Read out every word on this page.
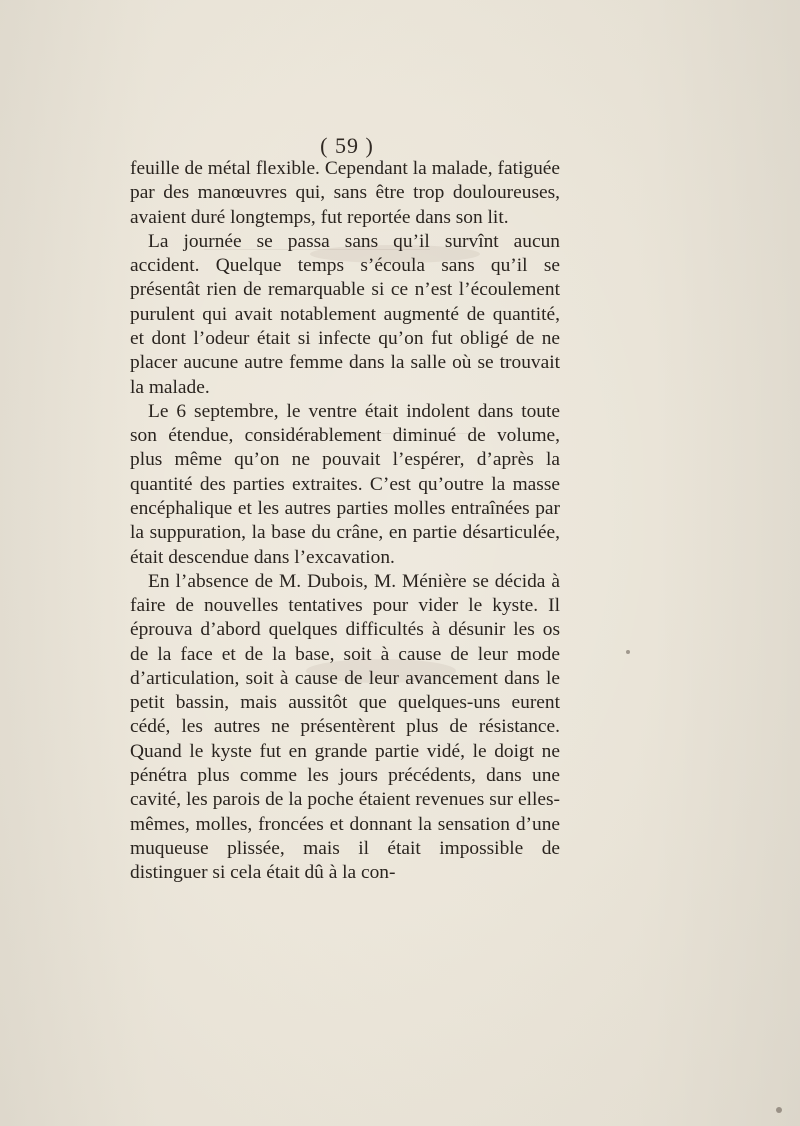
( 59 )

feuille de métal flexible. Cependant la malade, fatiguée par des manœuvres qui, sans être trop douloureuses, avaient duré longtemps, fut reportée dans son lit.

La journée se passa sans qu’il survînt aucun accident. Quelque temps s’écoula sans qu’il se présentât rien de remarquable si ce n’est l’écoulement purulent qui avait notablement augmenté de quantité, et dont l’odeur était si infecte qu’on fut obligé de ne placer aucune autre femme dans la salle où se trouvait la malade.

Le 6 septembre, le ventre était indolent dans toute son étendue, considérablement diminué de volume, plus même qu’on ne pouvait l’espérer, d’après la quantité des parties extraites. C’est qu’outre la masse encéphalique et les autres parties molles entraînées par la suppuration, la base du crâne, en partie désarticulée, était descendue dans l’excavation.

En l’absence de M. Dubois, M. Ménière se décida à faire de nouvelles tentatives pour vider le kyste. Il éprouva d’abord quelques difficultés à désunir les os de la face et de la base, soit à cause de leur mode d’articulation, soit à cause de leur avancement dans le petit bassin, mais aussitôt que quelques-uns eurent cédé, les autres ne présentèrent plus de résistance. Quand le kyste fut en grande partie vidé, le doigt ne pénétra plus comme les jours précédents, dans une cavité, les parois de la poche étaient revenues sur elles-mêmes, molles, froncées et donnant la sensation d’une muqueuse plissée, mais il était impossible de distinguer si cela était dû à la con-
